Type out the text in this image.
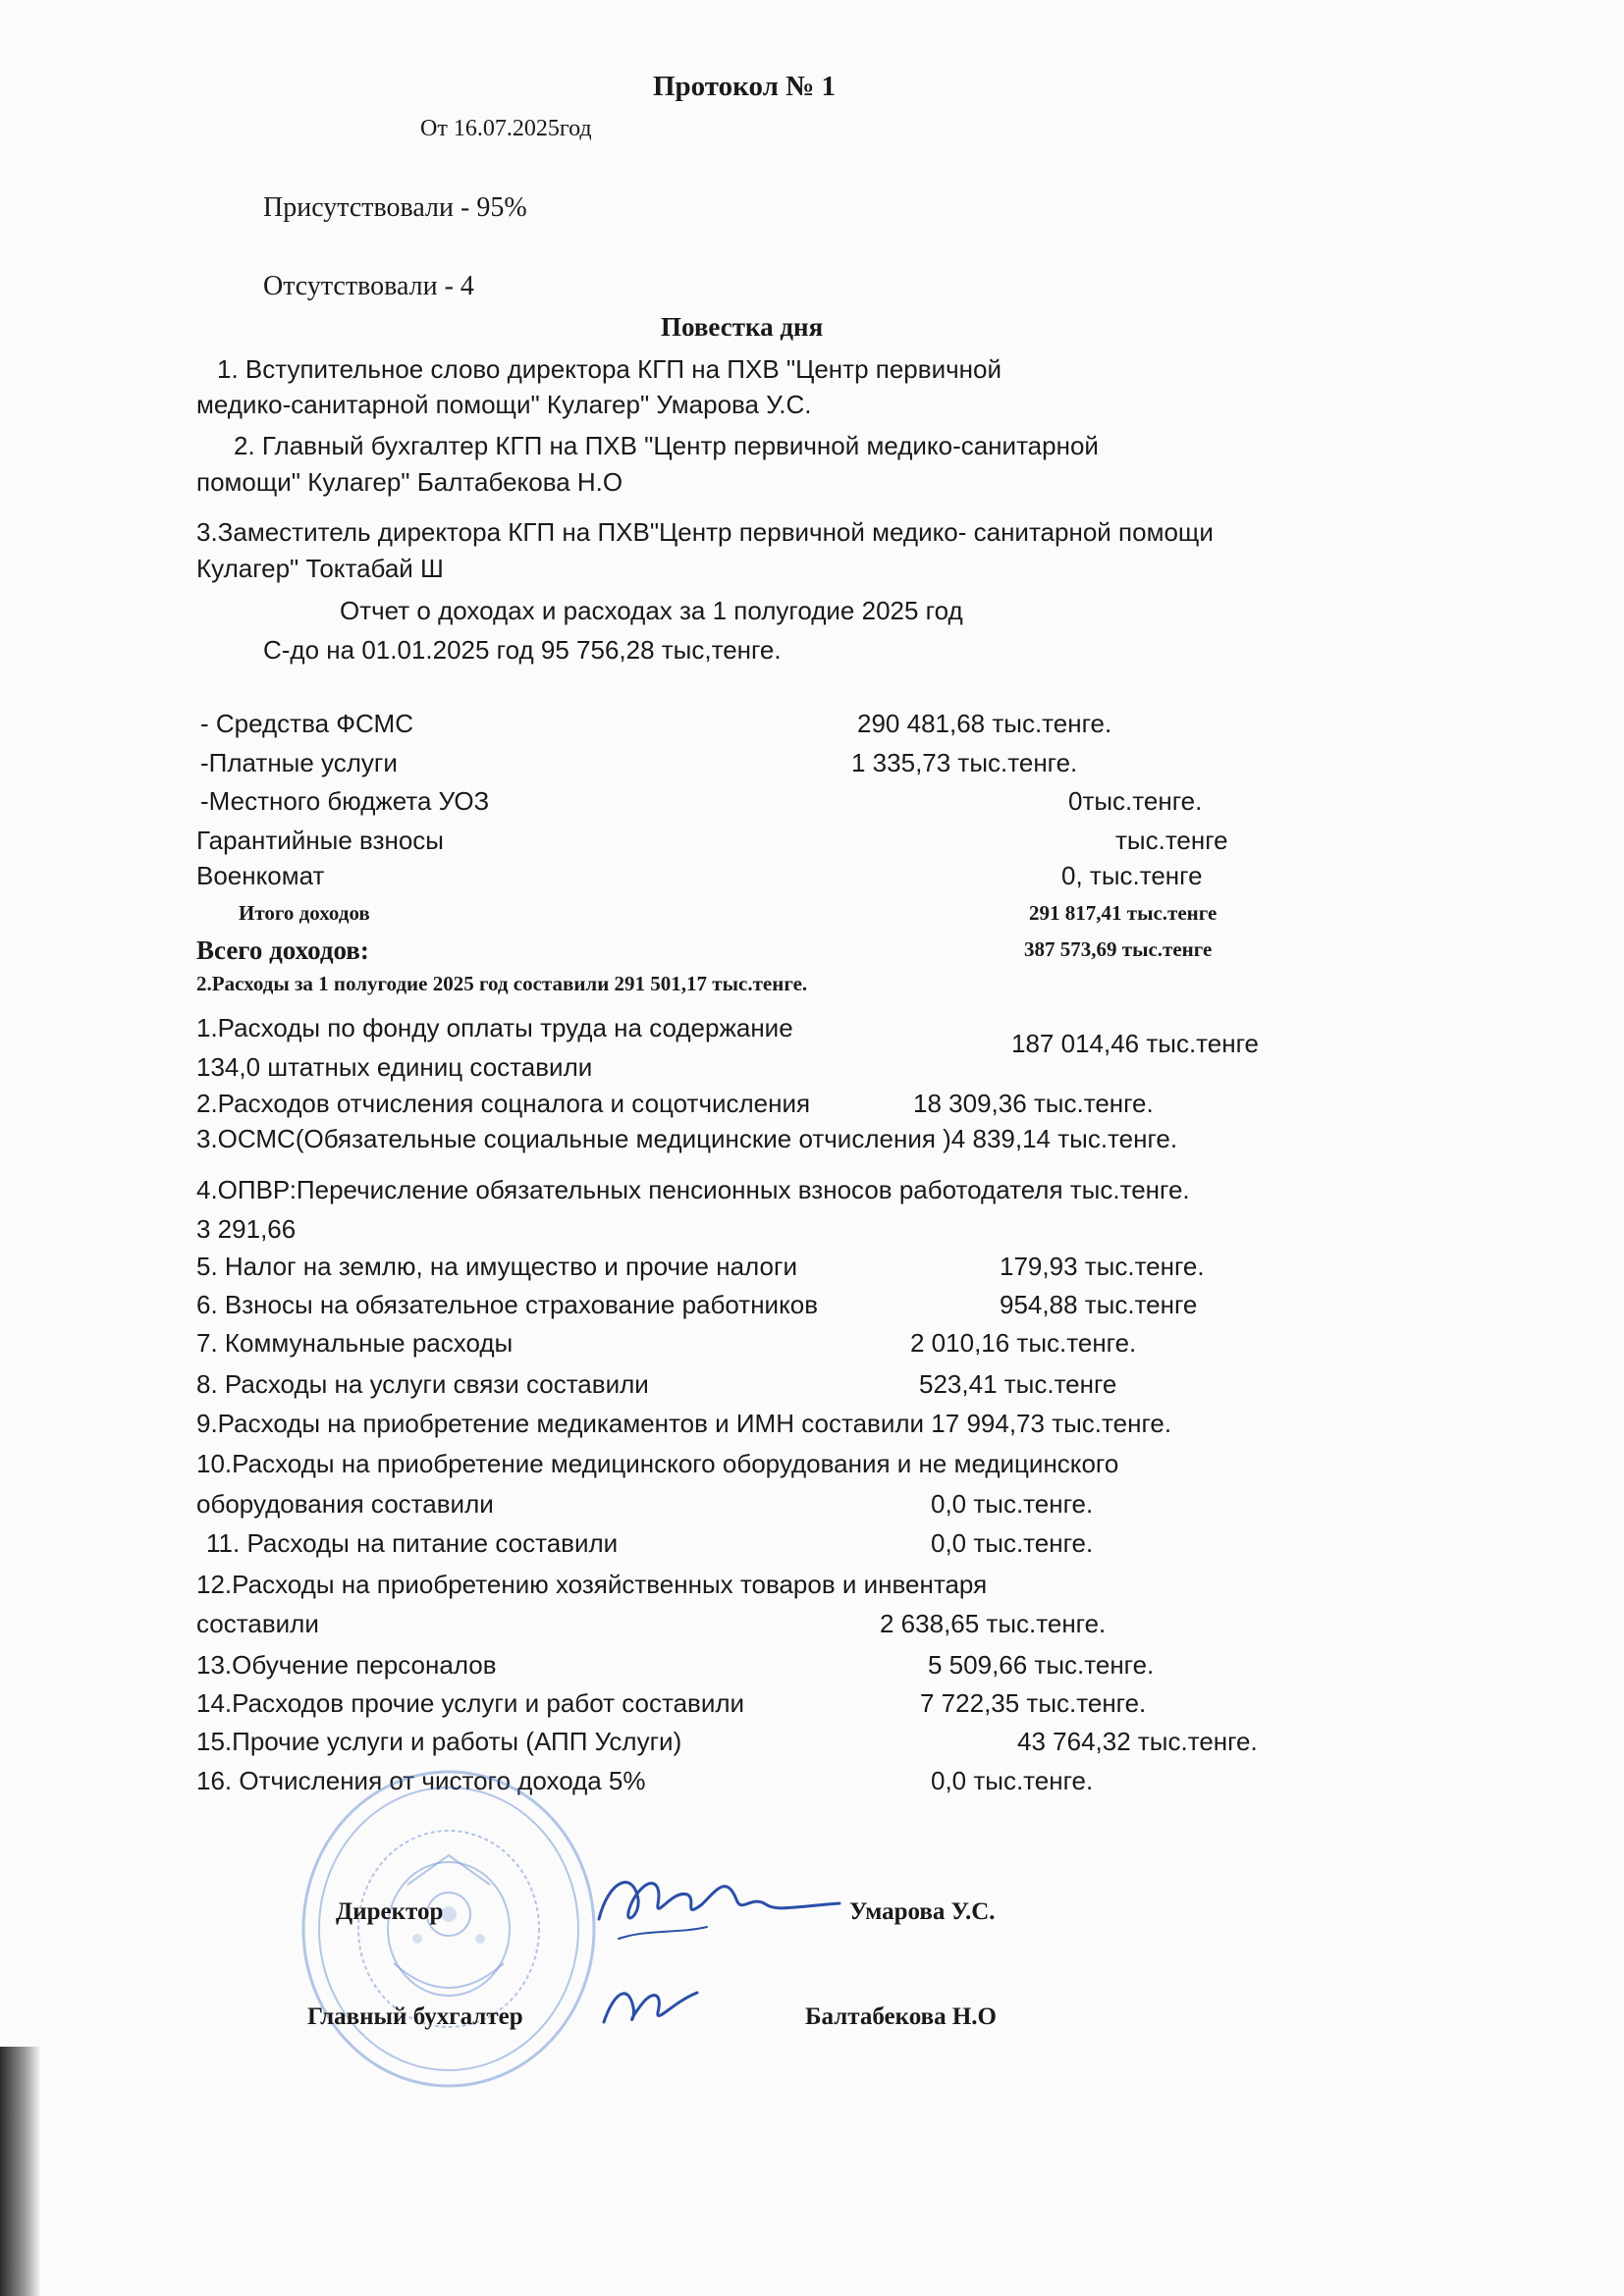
Протокол № 1
От 16.07.2025год
Присутствовали - 95%
Отсутствовали - 4
Повестка дня
1. Вступительное слово директора КГП на ПХВ "Центр первичной
медико-санитарной помощи" Кулагер" Умарова У.С.
2. Главный бухгалтер КГП на ПХВ "Центр первичной медико-санитарной
помощи" Кулагер" Балтабекова Н.О
3.Заместитель директора КГП на ПХВ"Центр первичной медико- санитарной помощи
Кулагер" Токтабай Ш
Отчет о доходах и расходах за 1 полугодие 2025 год
С-до на 01.01.2025 год 95 756,28 тыс,тенге.
- Средства ФСМС	290 481,68 тыс.тенге.
-Платные услуги	1 335,73 тыс.тенге.
-Местного бюджета УОЗ	0тыс.тенге.
Гарантийные взносы	тыс.тенге
Военкомат	0, тыс.тенге
Итого доходов	291 817,41 тыс.тенге
Всего доходов:	387 573,69 тыс.тенге
2.Расходы за 1 полугодие 2025 год составили 291 501,17 тыс.тенге.
1.Расходы по фонду оплаты труда на содержание
134,0 штатных единиц составили
187 014,46 тыс.тенге
2.Расходов отчисления соцналога и соцотчисления	18 309,36 тыс.тенге.
3.ОСМС(Обязательные социальные медицинские отчисления )4 839,14 тыс.тенге.
4.ОПВР:Перечисление обязательных пенсионных взносов работодателя тыс.тенге.
3 291,66
5. Налог на землю, на имущество и прочие налоги	179,93 тыс.тенге.
6. Взносы на обязательное страхование работников	954,88 тыс.тенге
7. Коммунальные расходы	2 010,16 тыс.тенге.
8. Расходы на услуги связи составили	523,41 тыс.тенге
9.Расходы на приобретение медикаментов и ИМН составили 17 994,73 тыс.тенге.
10.Расходы на приобретение медицинского оборудования и не медицинского
оборудования составили	0,0 тыс.тенге.
11. Расходы на питание составили	0,0 тыс.тенге.
12.Расходы на приобретению хозяйственных товаров и инвентаря
составили	2 638,65 тыс.тенге.
13.Обучение персоналов	5 509,66 тыс.тенге.
14.Расходов прочие услуги и работ составили	7 722,35 тыс.тенге.
15.Прочие услуги и работы (АПП Услуги)	43 764,32 тыс.тенге.
16. Отчисления от чистого дохода 5%	0,0 тыс.тенге.
Директор	Умарова У.С.
Главный бухгалтер	Балтабекова Н.О
